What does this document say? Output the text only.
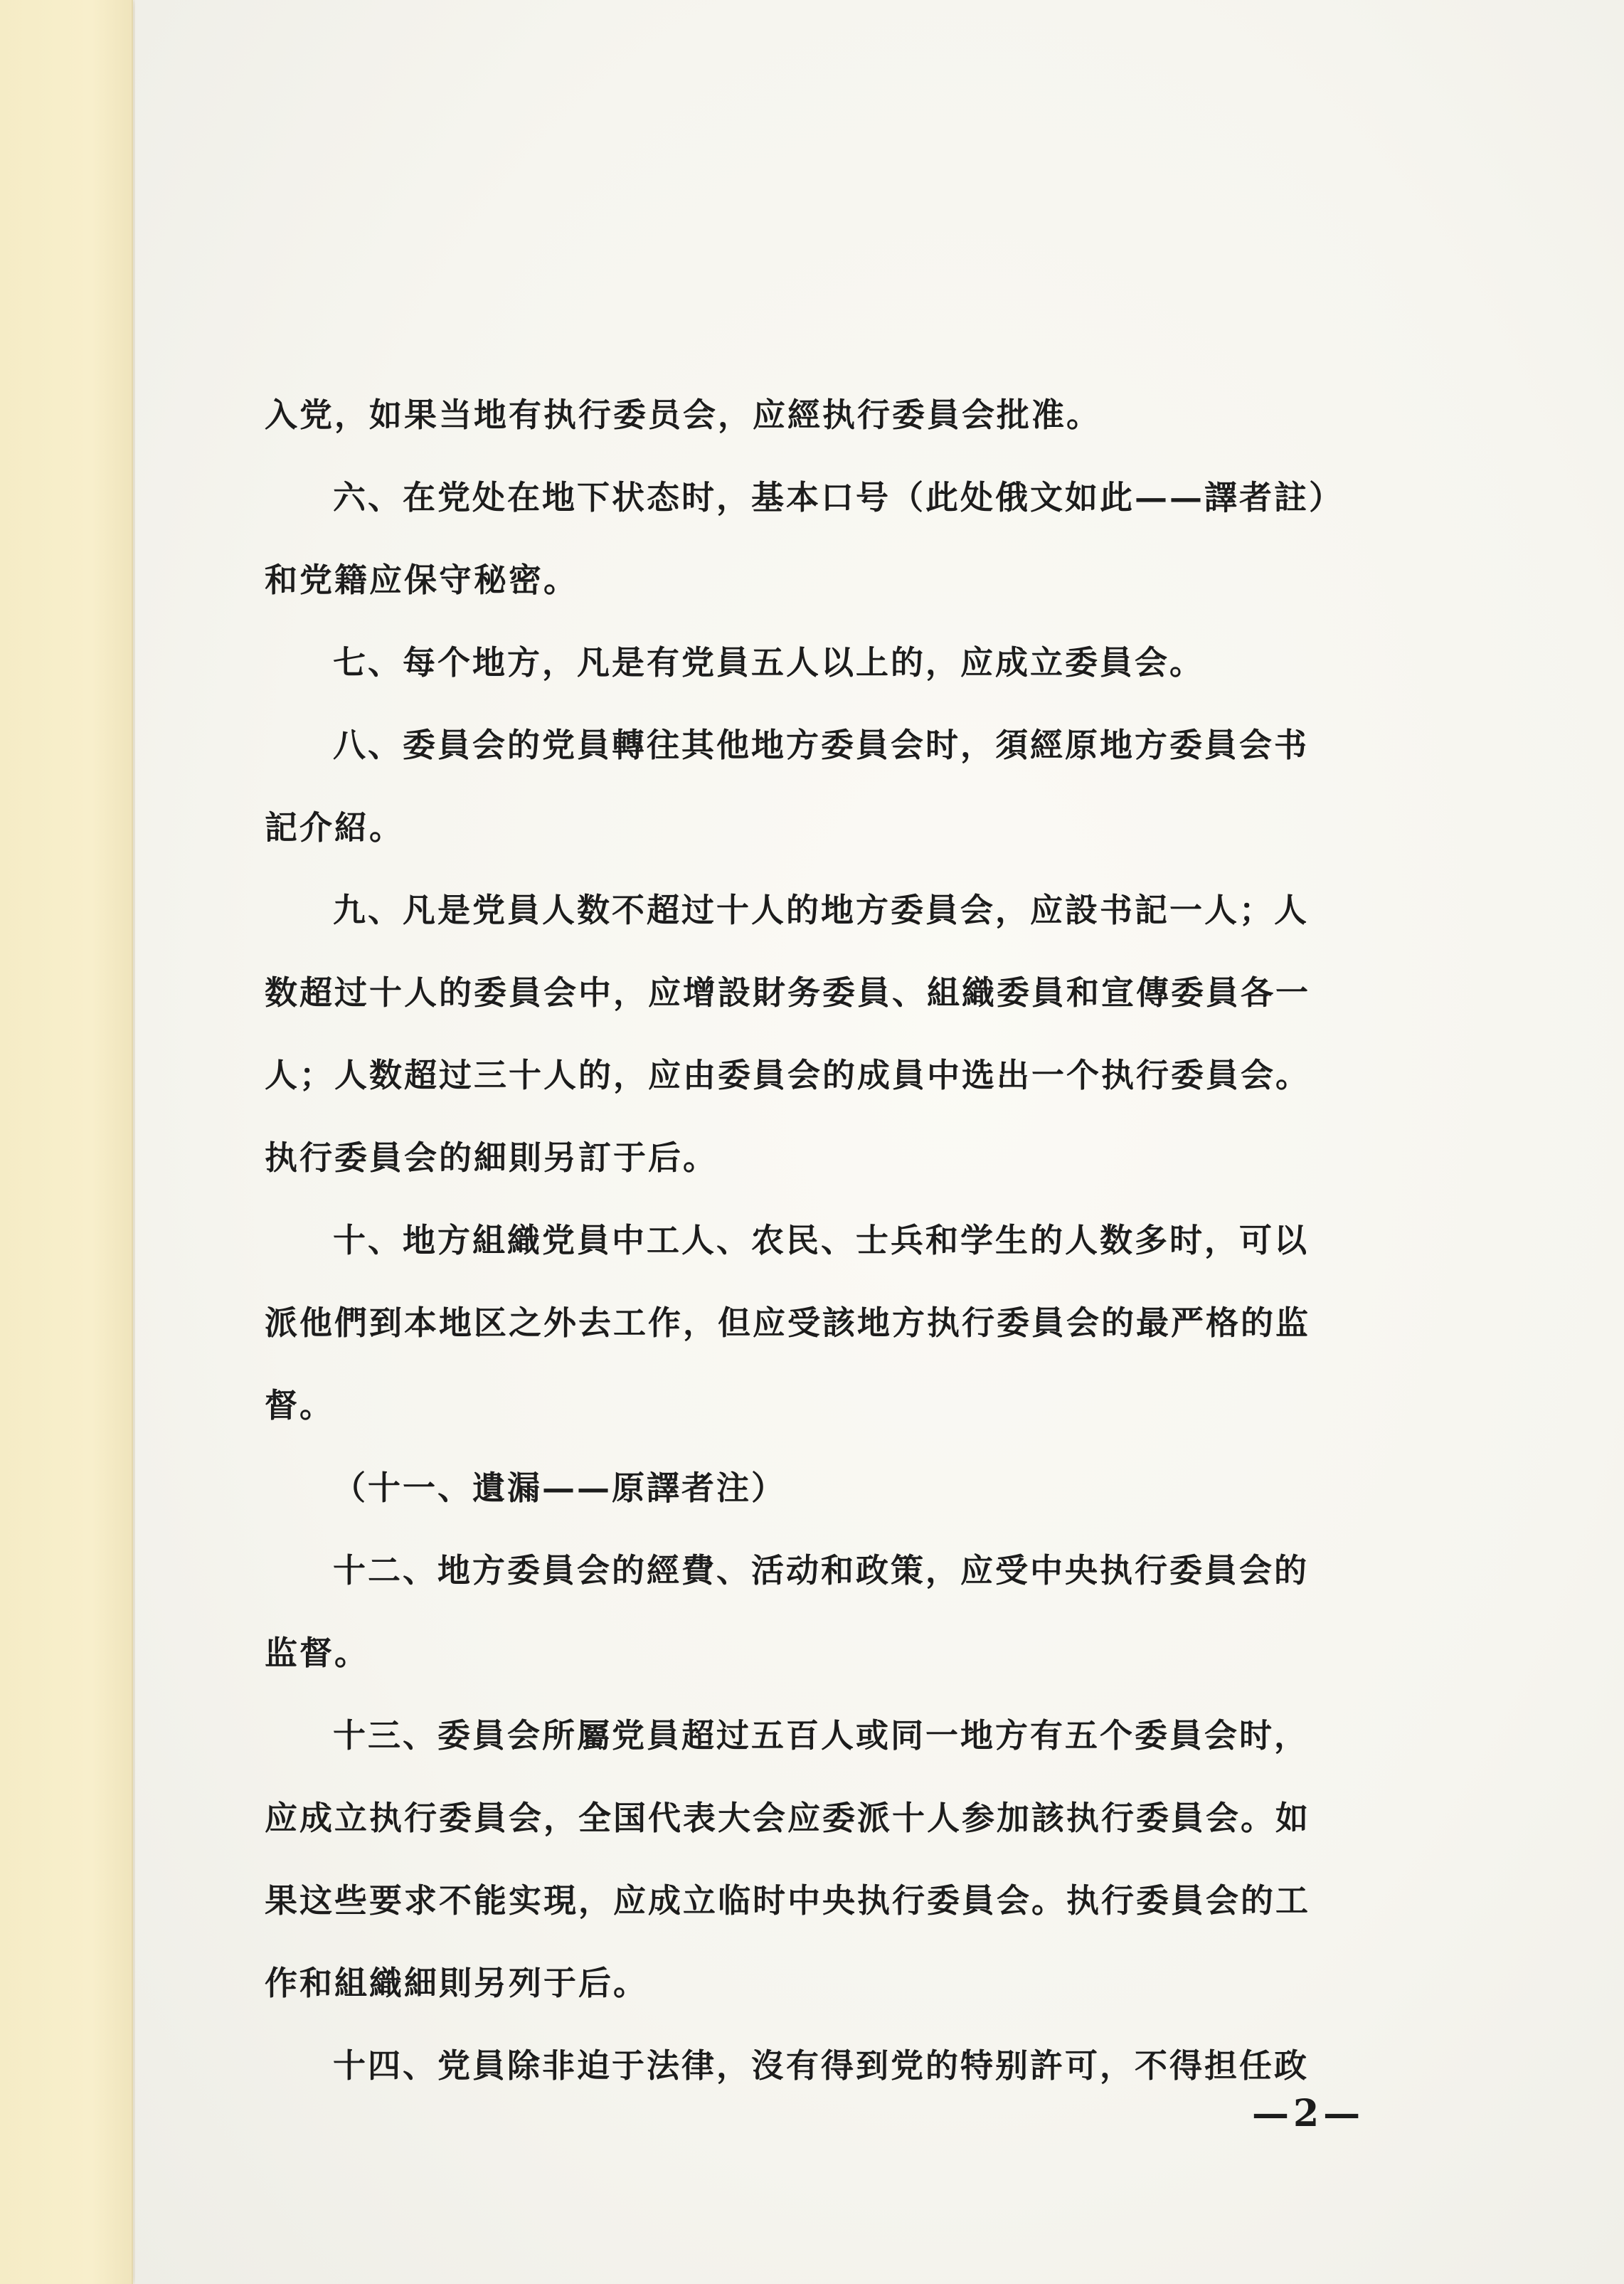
入党，如果当地有执行委员会，应經执行委員会批准。
六、在党处在地下状态时，基本口号（此处俄文如此——譯者註）
和党籍应保守秘密。
七、每个地方，凡是有党員五人以上的，应成立委員会。
八、委員会的党員轉往其他地方委員会时，須經原地方委員会书
記介紹。
九、凡是党員人数不超过十人的地方委員会，应設书記一人；人
数超过十人的委員会中，应增設財务委員、組織委員和宣傳委員各一
人；人数超过三十人的，应由委員会的成員中选出一个执行委員会。
执行委員会的細則另訂于后。
十、地方組織党員中工人、农民、士兵和学生的人数多时，可以
派他們到本地区之外去工作，但应受該地方执行委員会的最严格的监
督。
（十一、遺漏——原譯者注）
十二、地方委員会的經費、活动和政策，应受中央执行委員会的
监督。
十三、委員会所屬党員超过五百人或同一地方有五个委員会时，
应成立执行委員会，全国代表大会应委派十人参加該执行委員会。如
果这些要求不能实現，应成立临时中央执行委員会。执行委員会的工
作和組織細則另列于后。
十四、党員除非迫于法律，沒有得到党的特别許可，不得担任政
—2—
